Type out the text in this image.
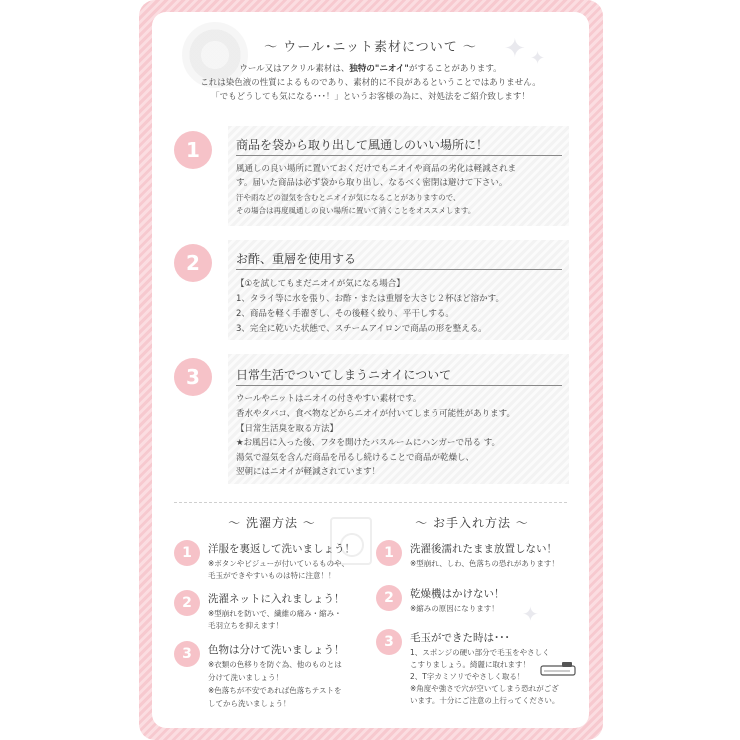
✦ ✦
✦
～ ウール･ニット素材について ～
ウール又はアクリル素材は、独特の"ニオイ"がすることがあります。
これは染色液の性質によるものであり、素材的に不良があるということではありません。
「でもどうしても気になる･･･！」というお客様の為に、対処法をご紹介致します！
1	商品を袋から取り出して風通しのいい場所に！
風通しの良い場所に置いておくだけでもニオイや商品の劣化は軽減されま
す。届いた商品は必ず袋から取り出し、なるべく密閉は避けて下さい。
汗や雨などの湿気を含むとニオイが気になることがありますので、
その場合は再度風通しの良い場所に置いて消くことをオススメします。
2	お酢、重層を使用する
【①を試してもまだニオイが気になる場合】
1、タライ等に水を張り、お酢・または重層を大さじ２杯ほど溶かす。
2、商品を軽く手濯ぎし、その後軽く絞り、平干しする。
3、完全に乾いた状態で、スチームアイロンで商品の形を整える。
3	日常生活でついてしまうニオイについて
ウールやニットはニオイの付きやすい素材です。
香水やタバコ、食べ物などからニオイが付いてしまう可能性があります。
【日常生活臭を取る方法】
★お風呂に入った後、フタを開けたバスルームにハンガーで吊る す。
湯気で湿気を含んだ商品を吊るし続けることで商品が乾燥し、
翌朝にはニオイが軽減されています！
～ 洗濯方法 ～
1	洋服を裏返して洗いましょう！
※ボタンやビジューが付いているものや、
毛玉ができやすいものは特に注意！！
2	洗濯ネットに入れましょう！
※型崩れを防いで、繊維の痛み・縮み・
毛羽立ちを抑えます！
3	色物は分けて洗いましょう！
※衣類の色移りを防ぐ為、他のものとは
分けて洗いましょう！
※色落ちが不安であれば色落ちテストを
してから洗いましょう！
～ お手入れ方法 ～
1	洗濯後濡れたまま放置しない！
※型崩れ、しわ、色落ちの恐れがあります！
2	乾燥機はかけない！
※縮みの原因になります！
3	毛玉ができた時は･･･
1、スポンジの硬い部分で毛玉をやさしく
こすりましょう。綺麗に取れます！
2、T字カミソリでやさしく取る！
※角度や強さで穴が空いてしまう恐れがござ
います。十分にご注意の上行ってください。
